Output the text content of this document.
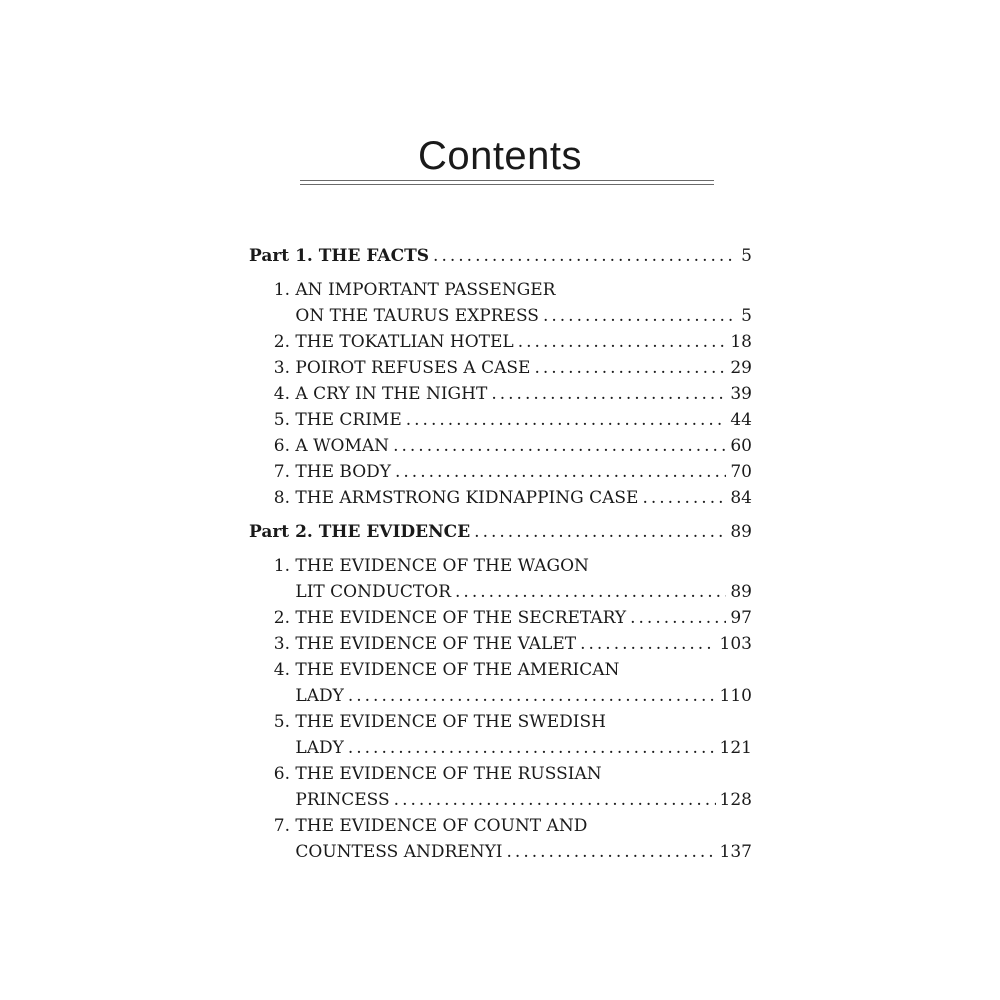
Contents
Part 1. THE FACTS . . .	5
1. AN IMPORTANT PASSENGER
ON THE TAURUS EXPRESS . . .	5
2. THE TOKATLIAN HOTEL . . .	18
3. POIROT REFUSES A CASE . . .	29
4. A CRY IN THE NIGHT . . .	39
5. THE CRIME . . .	44
6. A WOMAN . . .	60
7. THE BODY . . .	70
8. THE ARMSTRONG KIDNAPPING CASE . . .	84
Part 2. THE EVIDENCE . . .	89
1. THE EVIDENCE OF THE WAGON
LIT CONDUCTOR . . .	89
2. THE EVIDENCE OF THE SECRETARY . . .	97
3. THE EVIDENCE OF THE VALET . . .	103
4. THE EVIDENCE OF THE AMERICAN
LADY . . .	110
5. THE EVIDENCE OF THE SWEDISH
LADY . . .	121
6. THE EVIDENCE OF THE RUSSIAN
PRINCESS . . .	128
7. THE EVIDENCE OF COUNT AND
COUNTESS ANDRENYI . . .	137
